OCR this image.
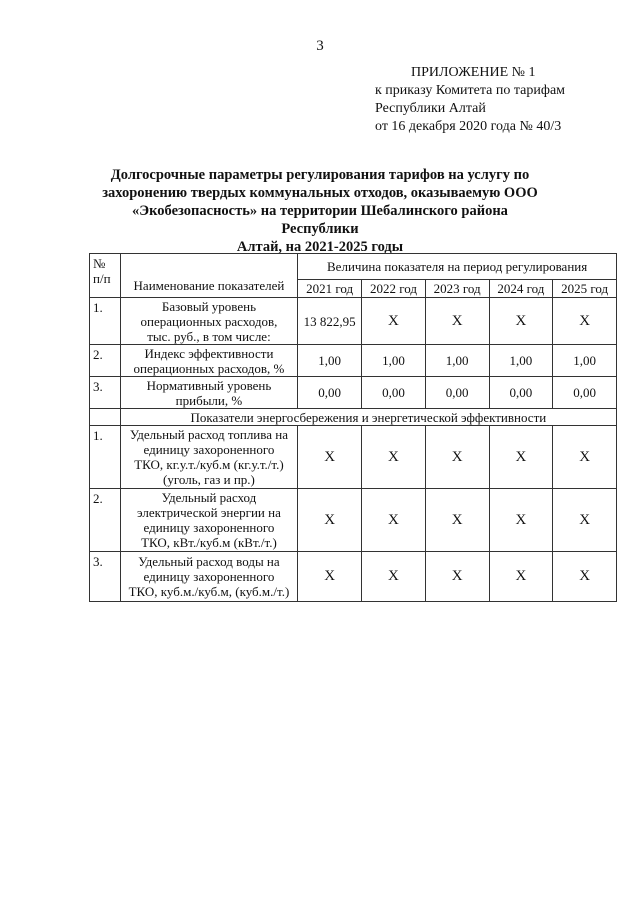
3
ПРИЛОЖЕНИЕ № 1
к приказу Комитета по тарифам
Республики Алтай
от 16 декабря 2020 года № 40/3
Долгосрочные параметры регулирования тарифов на услугу по
захоронению твердых коммунальных отходов, оказываемую ООО
«Экобезопасность» на территории Шебалинского района Республики
Алтай, на 2021-2025 годы
№
п/п	Наименование показателей	Величина показателя на период регулирования				
		2021 год	2022 год	2023 год	2024 год	2025 год
1.	Базовый уровень
операционных расходов,
тыс. руб., в том числе:	13 822,95	X	X	X	X
2.	Индекс эффективности
операционных расходов, %	1,00	1,00	1,00	1,00	1,00
3.	Нормативный уровень
прибыли, %	0,00	0,00	0,00	0,00	0,00
	Показатели энергосбережения и энергетической эффективности					
1.	Удельный расход топлива на
единицу захороненного
ТКО, кг.у.т./куб.м (кг.у.т./т.)
(уголь, газ и пр.)	X	X	X	X	X
2.	Удельный расход
электрической энергии на
единицу захороненного
ТКО, кВт./куб.м (кВт./т.)	X	X	X	X	X
3.	Удельный расход воды на
единицу захороненного
ТКО, куб.м./куб.м, (куб.м./т.)	X	X	X	X	X
